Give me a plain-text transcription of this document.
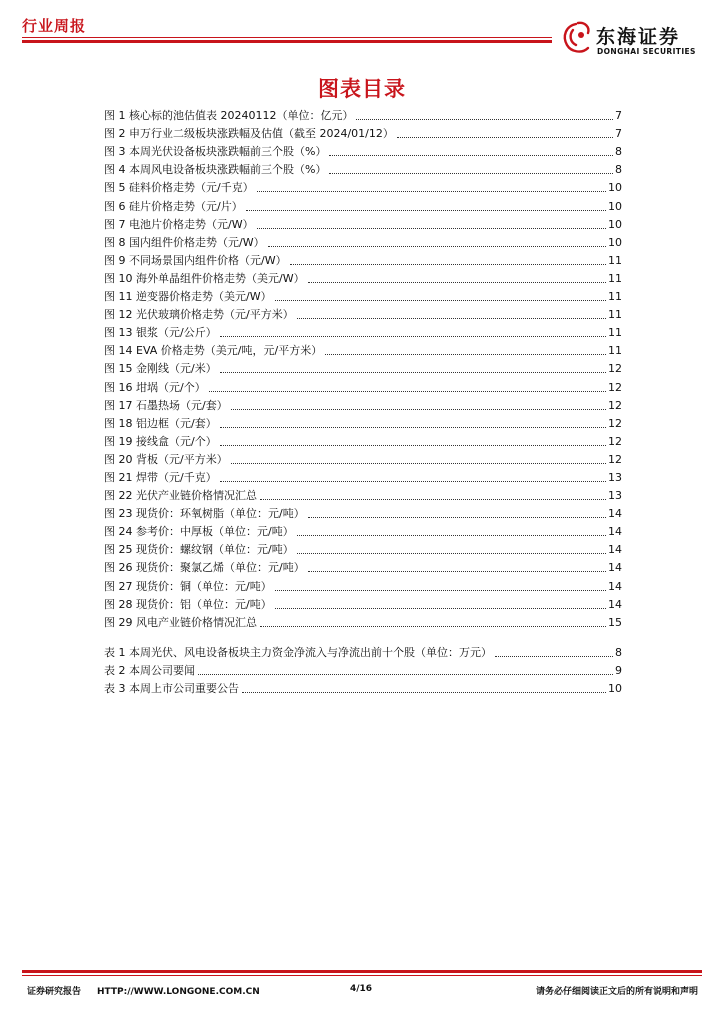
行业周报	东海证券
DONGHAI SECURITIES
图表目录
图 1 核心标的池估值表 20240112（单位：亿元）	7
图 2 申万行业二级板块涨跌幅及估值（截至 2024/01/12）	7
图 3 本周光伏设备板块涨跌幅前三个股（%）	8
图 4 本周风电设备板块涨跌幅前三个股（%）	8
图 5 硅料价格走势（元/千克）	10
图 6 硅片价格走势（元/片）	10
图 7 电池片价格走势（元/W）	10
图 8 国内组件价格走势（元/W）	10
图 9 不同场景国内组件价格（元/W）	11
图 10 海外单晶组件价格走势（美元/W）	11
图 11 逆变器价格走势（美元/W）	11
图 12 光伏玻璃价格走势（元/平方米）	11
图 13 银浆（元/公斤）	11
图 14 EVA 价格走势（美元/吨，元/平方米）	11
图 15 金刚线（元/米）	12
图 16 坩埚（元/个）	12
图 17 石墨热场（元/套）	12
图 18 铝边框（元/套）	12
图 19 接线盒（元/个）	12
图 20 背板（元/平方米）	12
图 21 焊带（元/千克）	13
图 22 光伏产业链价格情况汇总	13
图 23 现货价：环氧树脂（单位：元/吨）	14
图 24 参考价：中厚板（单位：元/吨）	14
图 25 现货价：螺纹钢（单位：元/吨）	14
图 26 现货价：聚氯乙烯（单位：元/吨）	14
图 27 现货价：铜（单位：元/吨）	14
图 28 现货价：铝（单位：元/吨）	14
图 29 风电产业链价格情况汇总	15
表 1 本周光伏、风电设备板块主力资金净流入与净流出前十个股（单位：万元）	8
表 2 本周公司要闻	9
表 3 本周上市公司重要公告	10
证券研究报告 HTTP://WWW.LONGONE.COM.CN	4/16	请务必仔细阅读正文后的所有说明和声明
